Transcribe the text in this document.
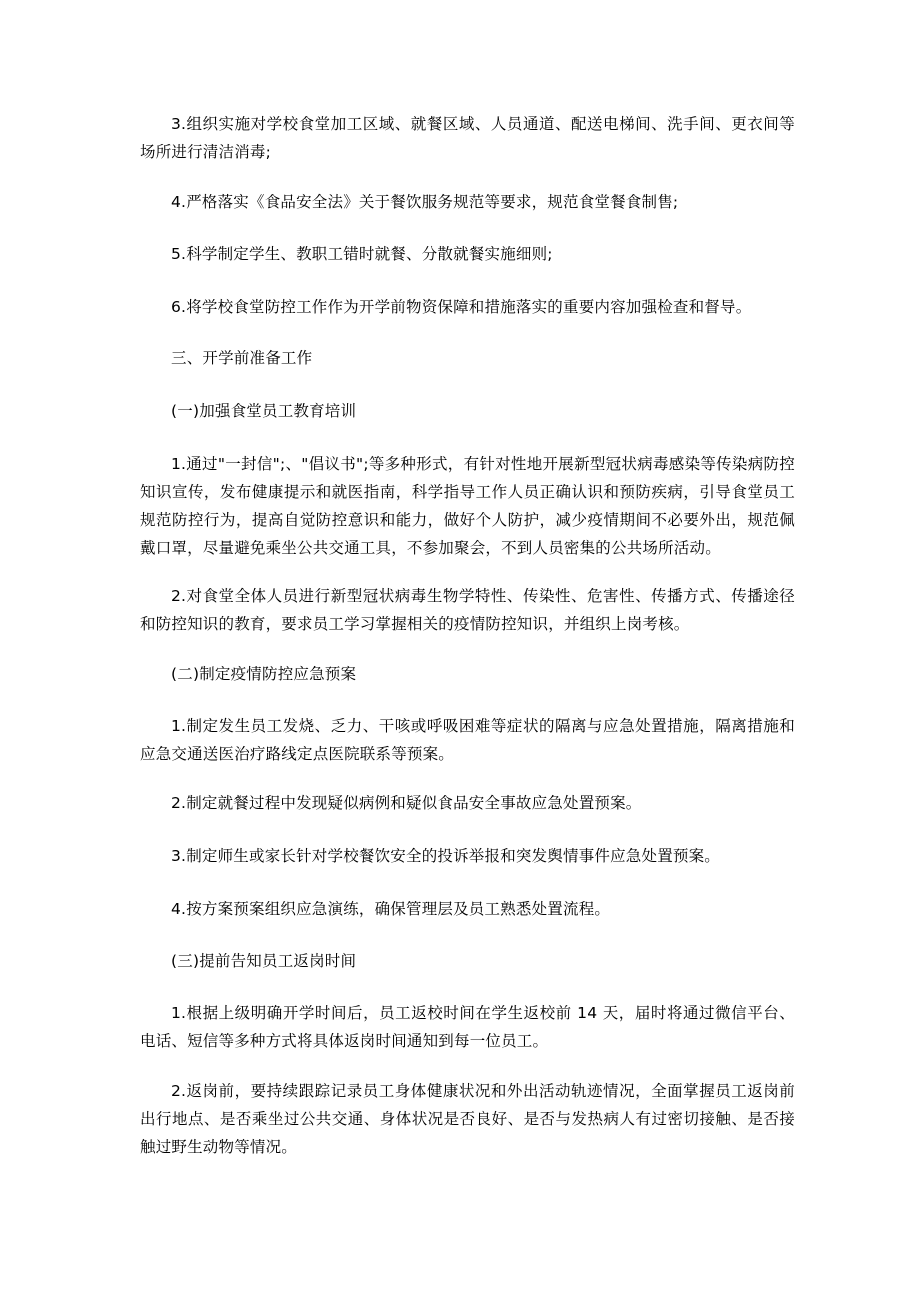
3.组织实施对学校食堂加工区域、就餐区域、人员通道、配送电梯间、洗手间、更衣间等场所进行清洁消毒;

4.严格落实《食品安全法》关于餐饮服务规范等要求，规范食堂餐食制售;

5.科学制定学生、教职工错时就餐、分散就餐实施细则;

6.将学校食堂防控工作作为开学前物资保障和措施落实的重要内容加强检查和督导。

三、开学前准备工作

(一)加强食堂员工教育培训

1.通过"一封信";、"倡议书";等多种形式，有针对性地开展新型冠状病毒感染等传染病防控知识宣传，发布健康提示和就医指南，科学指导工作人员正确认识和预防疾病，引导食堂员工规范防控行为，提高自觉防控意识和能力，做好个人防护，减少疫情期间不必要外出，规范佩戴口罩，尽量避免乘坐公共交通工具，不参加聚会，不到人员密集的公共场所活动。

2.对食堂全体人员进行新型冠状病毒生物学特性、传染性、危害性、传播方式、传播途径和防控知识的教育，要求员工学习掌握相关的疫情防控知识，并组织上岗考核。

(二)制定疫情防控应急预案

1.制定发生员工发烧、乏力、干咳或呼吸困难等症状的隔离与应急处置措施，隔离措施和应急交通送医治疗路线定点医院联系等预案。

2.制定就餐过程中发现疑似病例和疑似食品安全事故应急处置预案。

3.制定师生或家长针对学校餐饮安全的投诉举报和突发舆情事件应急处置预案。

4.按方案预案组织应急演练，确保管理层及员工熟悉处置流程。

(三)提前告知员工返岗时间

1.根据上级明确开学时间后，员工返校时间在学生返校前 14 天，届时将通过微信平台、电话、短信等多种方式将具体返岗时间通知到每一位员工。

2.返岗前，要持续跟踪记录员工身体健康状况和外出活动轨迹情况，全面掌握员工返岗前出行地点、是否乘坐过公共交通、身体状况是否良好、是否与发热病人有过密切接触、是否接触过野生动物等情况。
